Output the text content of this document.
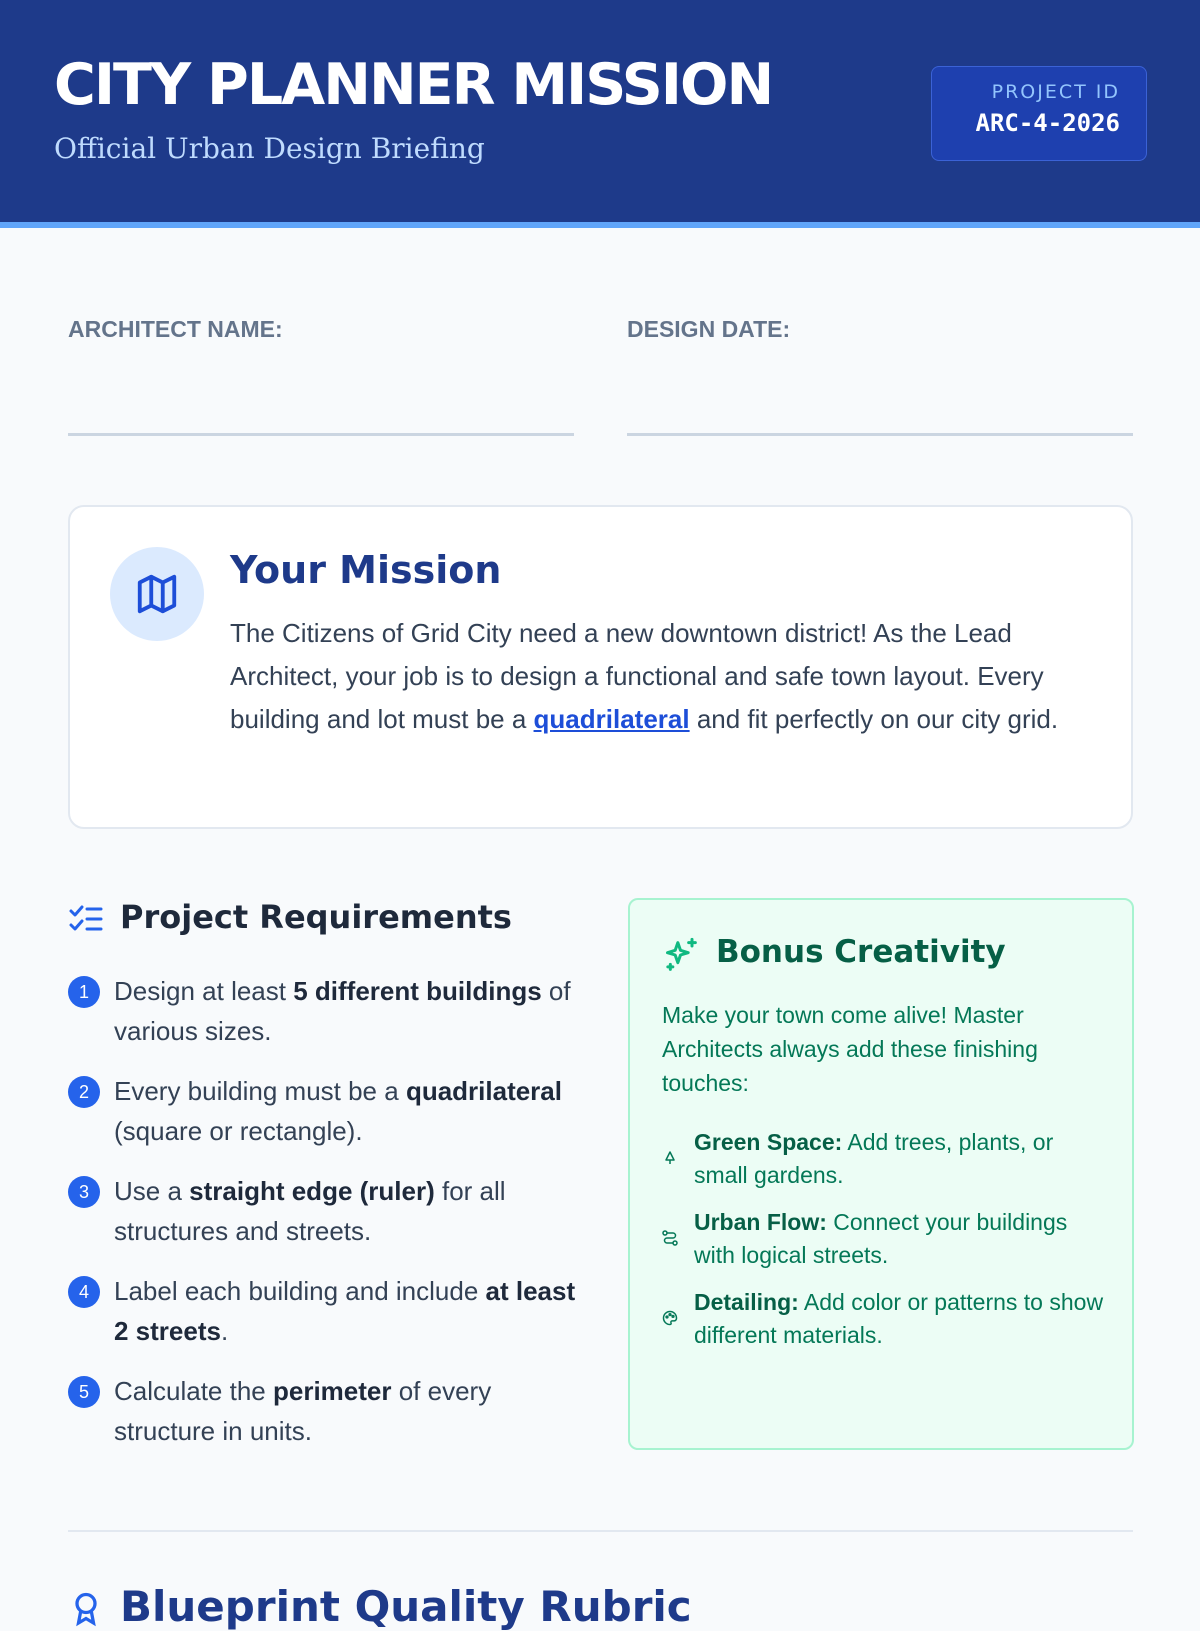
CITY PLANNER MISSION
Official Urban Design Briefing
PROJECT ID
ARC-4-2026
ARCHITECT NAME:	DESIGN DATE:
Your Mission
The Citizens of Grid City need a new downtown district! As the Lead Architect, your job is to design a functional and safe town layout. Every building and lot must be a quadrilateral and fit perfectly on our city grid.
Project Requirements
1 Design at least 5 different buildings of various sizes.
2 Every building must be a quadrilateral (square or rectangle).
3 Use a straight edge (ruler) for all structures and streets.
4 Label each building and include at least 2 streets.
5 Calculate the perimeter of every structure in units.
Bonus Creativity
Make your town come alive! Master Architects always add these finishing touches:
Green Space: Add trees, plants, or small gardens.
Urban Flow: Connect your buildings with logical streets.
Detailing: Add color or patterns to show different materials.
Blueprint Quality Rubric
